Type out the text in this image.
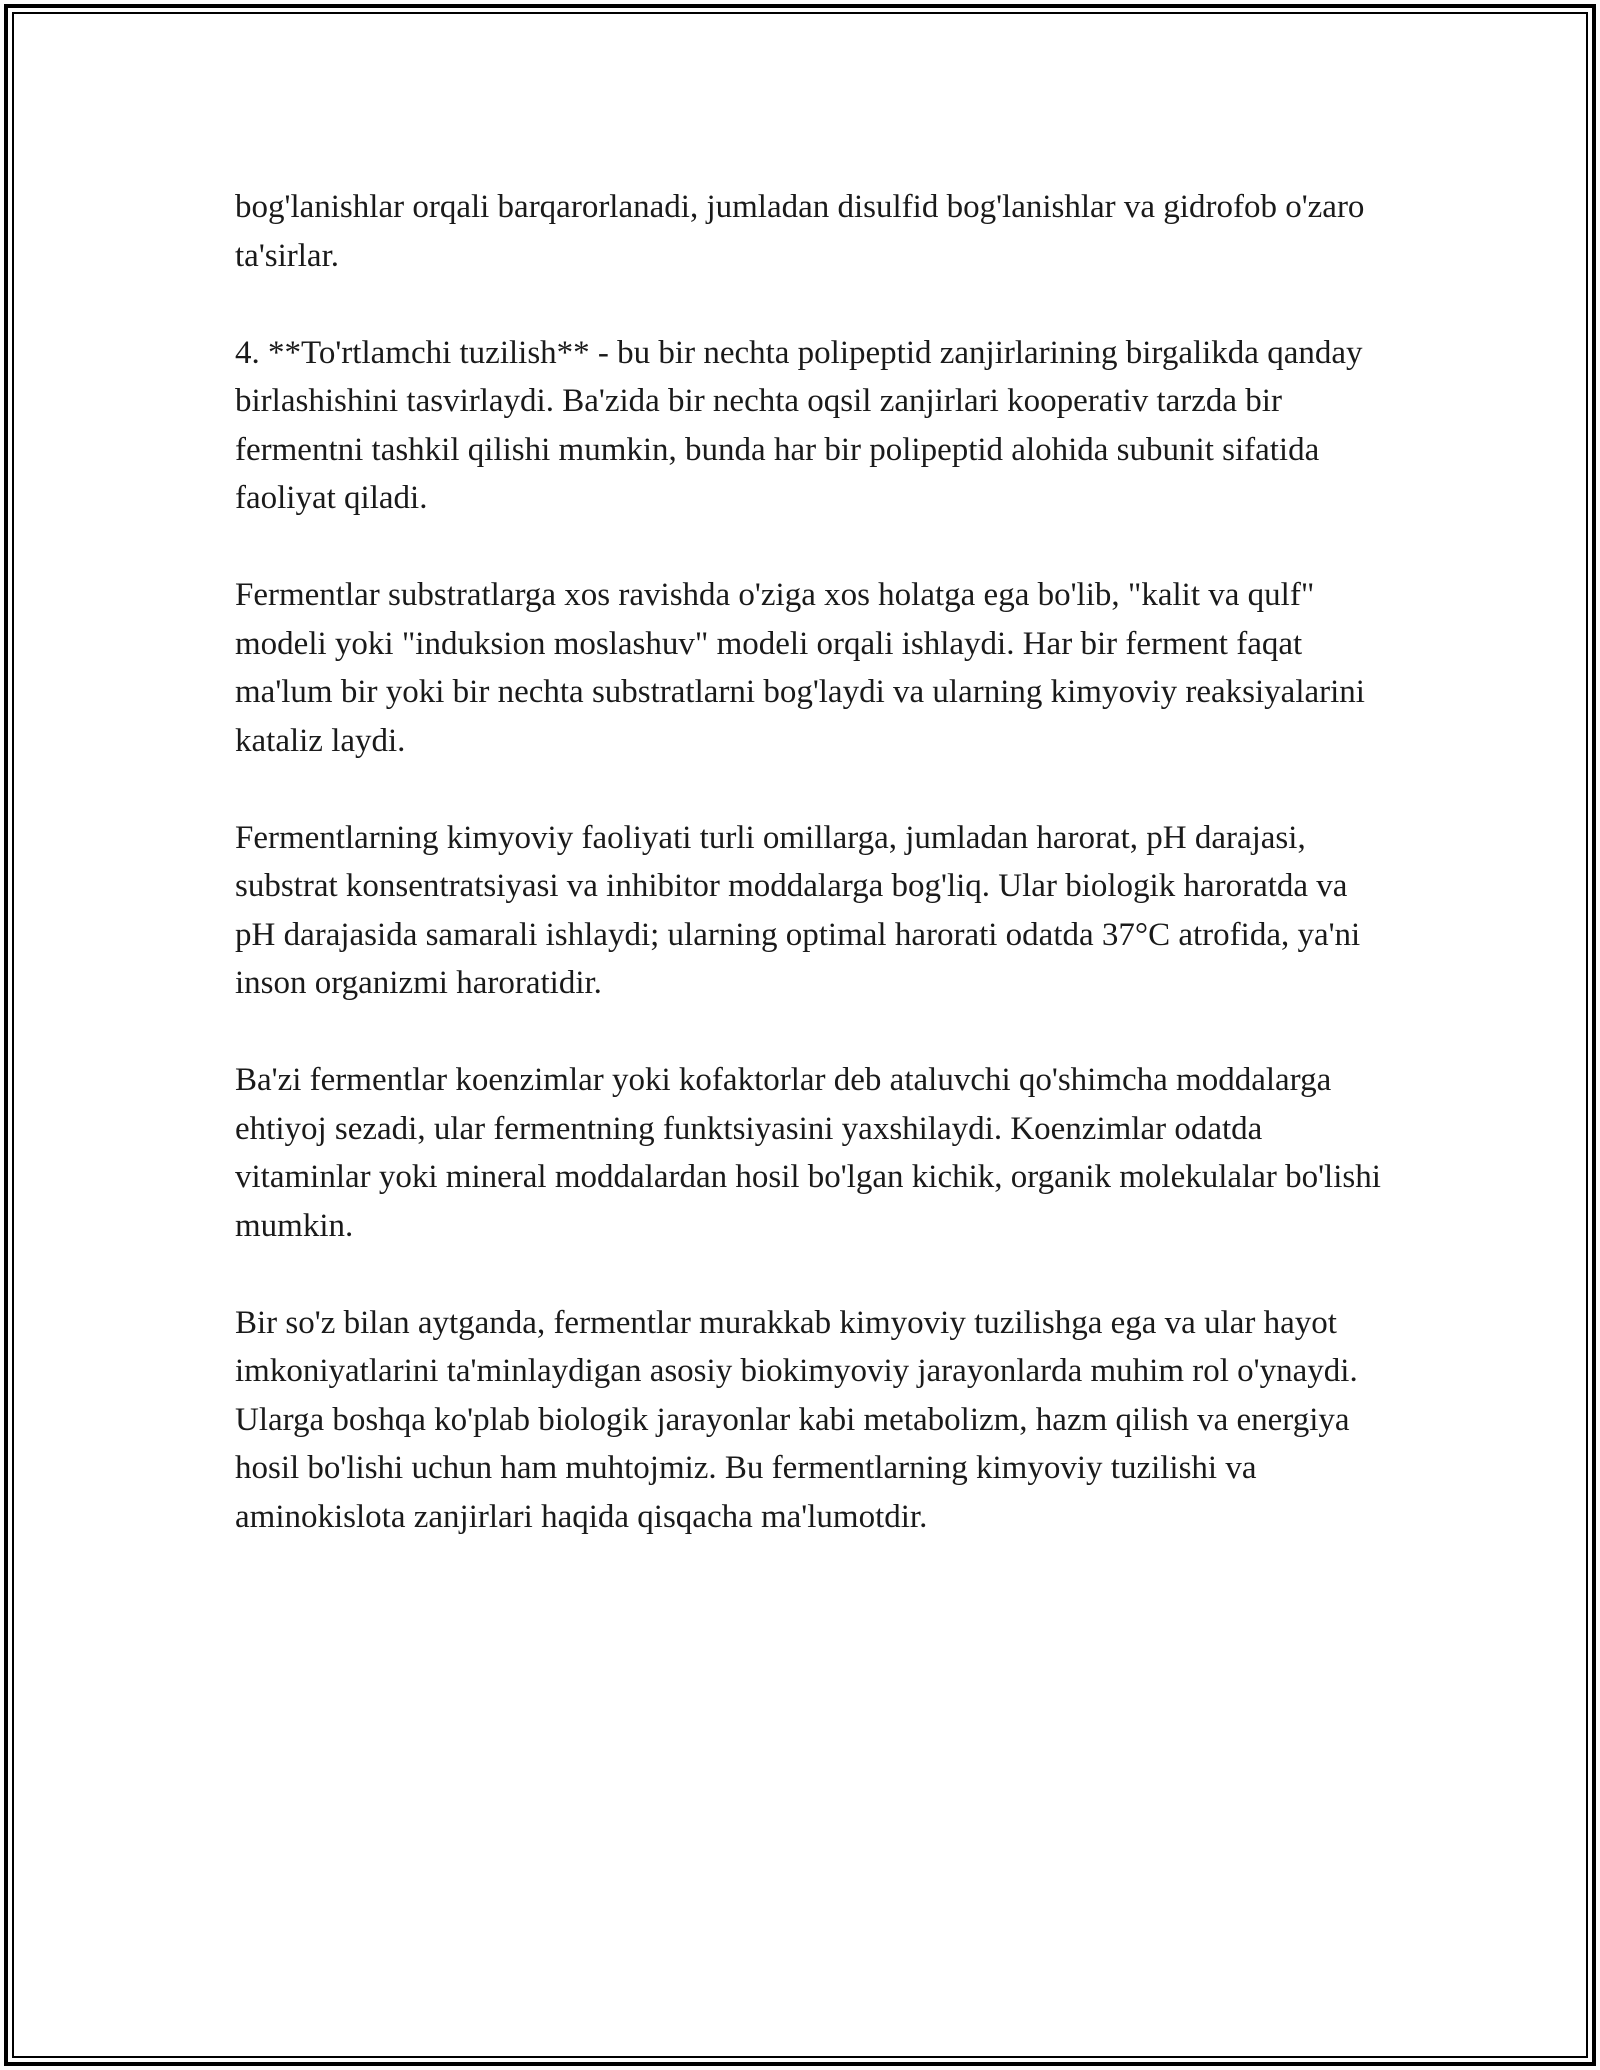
bog'lanishlar orqali barqarorlanadi, jumladan disulfid bog'lanishlar va gidrofob o'zaro ta'sirlar.

4. **To'rtlamchi tuzilish** - bu bir nechta polipeptid zanjirlarining birgalikda qanday birlashishini tasvirlaydi. Ba'zida bir nechta oqsil zanjirlari kooperativ tarzda bir fermentni tashkil qilishi mumkin, bunda har bir polipeptid alohida subunit sifatida faoliyat qiladi.

Fermentlar substratlarga xos ravishda o'ziga xos holatga ega bo'lib, "kalit va qulf" modeli yoki "induksion moslashuv" modeli orqali ishlaydi. Har bir ferment faqat ma'lum bir yoki bir nechta substratlarni bog'laydi va ularning kimyoviy reaksiyalarini kataliz laydi.

Fermentlarning kimyoviy faoliyati turli omillarga, jumladan harorat, pH darajasi, substrat konsentratsiyasi va inhibitor moddalarga bog'liq. Ular biologik haroratda va pH darajasida samarali ishlaydi; ularning optimal harorati odatda 37°C atrofida, ya'ni inson organizmi haroratidir.

Ba'zi fermentlar koenzimlar yoki kofaktorlar deb ataluvchi qo'shimcha moddalarga ehtiyoj sezadi, ular fermentning funktsiyasini yaxshilaydi. Koenzimlar odatda vitaminlar yoki mineral moddalardan hosil bo'lgan kichik, organik molekulalar bo'lishi mumkin.

Bir so'z bilan aytganda, fermentlar murakkab kimyoviy tuzilishga ega va ular hayot imkoniyatlarini ta'minlaydigan asosiy biokimyoviy jarayonlarda muhim rol o'ynaydi. Ularga boshqa ko'plab biologik jarayonlar kabi metabolizm, hazm qilish va energiya hosil bo'lishi uchun ham muhtojmiz. Bu fermentlarning kimyoviy tuzilishi va aminokislota zanjirlari haqida qisqacha ma'lumotdir.
